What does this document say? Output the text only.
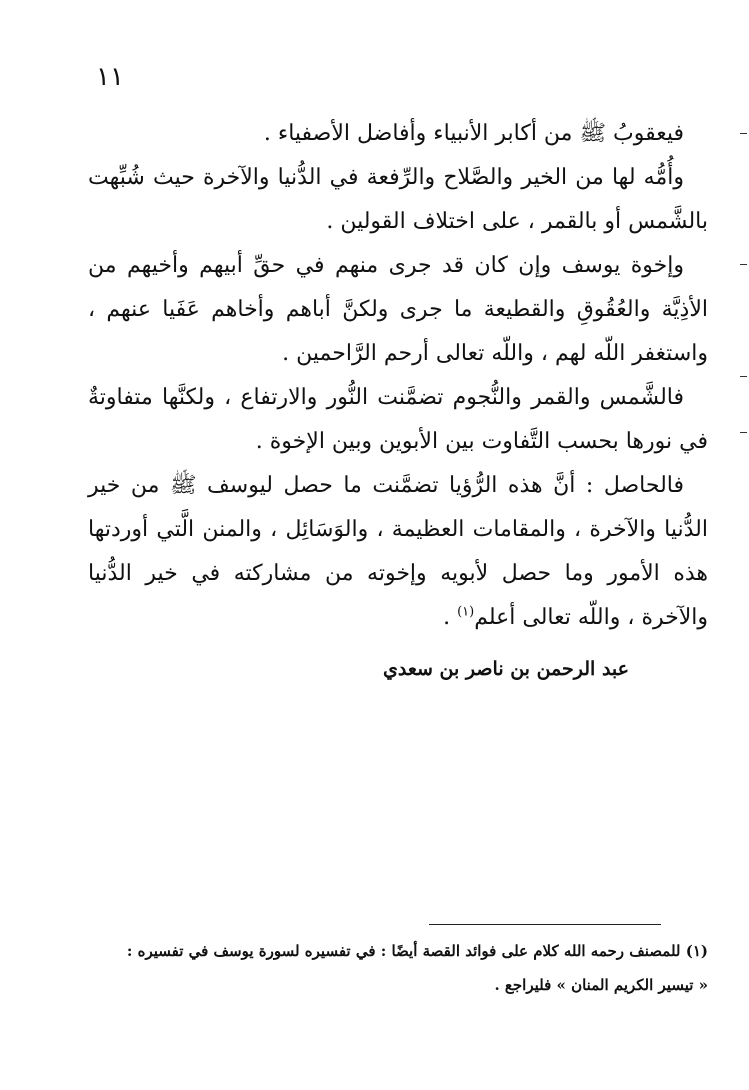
١١

فيعقوبُ ﷺ من أكابر الأنبياء وأفاضل الأصفياء .

وأُمُّه لها من الخير والصَّلاح والرِّفعة في الدُّنيا والآخرة حيث شُبِّهت بالشَّمس أو بالقمر ، على اختلاف القولين .

وإخوة يوسف وإن كان قد جرى منهم في حقِّ أبيهم وأخيهم من الأذِيَّة والعُقُوقِ والقطيعة ما جرى ولكنَّ أباهم وأخاهم عَفَيا عنهم ، واستغفر اللّه لهم ، واللّه تعالى أرحم الرَّاحمين .

فالشَّمس والقمر والنُّجوم تضمَّنت النُّور والارتفاع ، ولكنَّها متفاوتةٌ في نورها بحسب التَّفاوت بين الأبوين وبين الإخوة .

فالحاصل : أنَّ هذه الرُّؤيا تضمَّنت ما حصل ليوسف ﷺ من خير الدُّنيا والآخرة ، والمقامات العظيمة ، والوَسَائِل ، والمنن الَّتي أوردتها هذه الأمور وما حصل لأبويه وإخوته من مشاركته في خير الدُّنيا والآخرة ، واللّه تعالى أعلم$^{(١)}$ .

عبد الرحمن بن ناصر بن سعدي

(١) للمصنف رحمه الله كلام على فوائد القصة أيضًا : في تفسيره لسورة يوسف في تفسيره :

« تيسير الكريم المنان » فليراجع .
